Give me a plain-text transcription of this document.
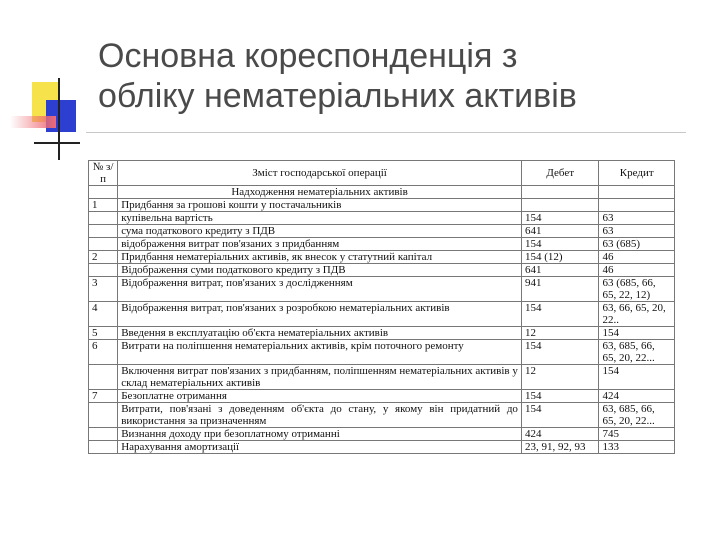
Основна кореспонденція з
обліку нематеріальних активів
№ з/п	Зміст господарської операції	Дебет	Кредит
	Надходження нематеріальних активів		
1	Придбання за грошові кошти у постачальників		
	купівельна вартість	154	63
	сума податкового кредиту з ПДВ	641	63
	відображення витрат пов'язаних з придбанням	154	63 (685)
2	Придбання нематеріальних активів, як внесок у статутний капітал	154 (12)	46
	Відображення суми податкового кредиту з ПДВ	641	46
3	Відображення витрат, пов'язаних з дослідженням	941	63 (685, 66, 65, 22, 12)
4	Відображення витрат, пов'язаних з розробкою нематеріальних активів	154	63, 66, 65, 20, 22..
5	Введення в експлуатацію об'єкта нематеріальних активів	12	154
6	Витрати на поліпшення нематеріальних активів, крім поточного ремонту	154	63, 685, 66, 65, 20, 22...
	Включення витрат пов'язаних з придбанням, поліпшенням нематеріальних активів у склад нематеріальних активів	12	154
7	Безоплатне отримання	154	424
	Витрати, пов'язані з доведенням об'єкта до стану, у якому він придатний до використання за призначенням	154	63, 685, 66, 65, 20, 22...
	Визнання доходу при безоплатному отриманні	424	745
	Нарахування амортизації	23, 91, 92, 93	133
